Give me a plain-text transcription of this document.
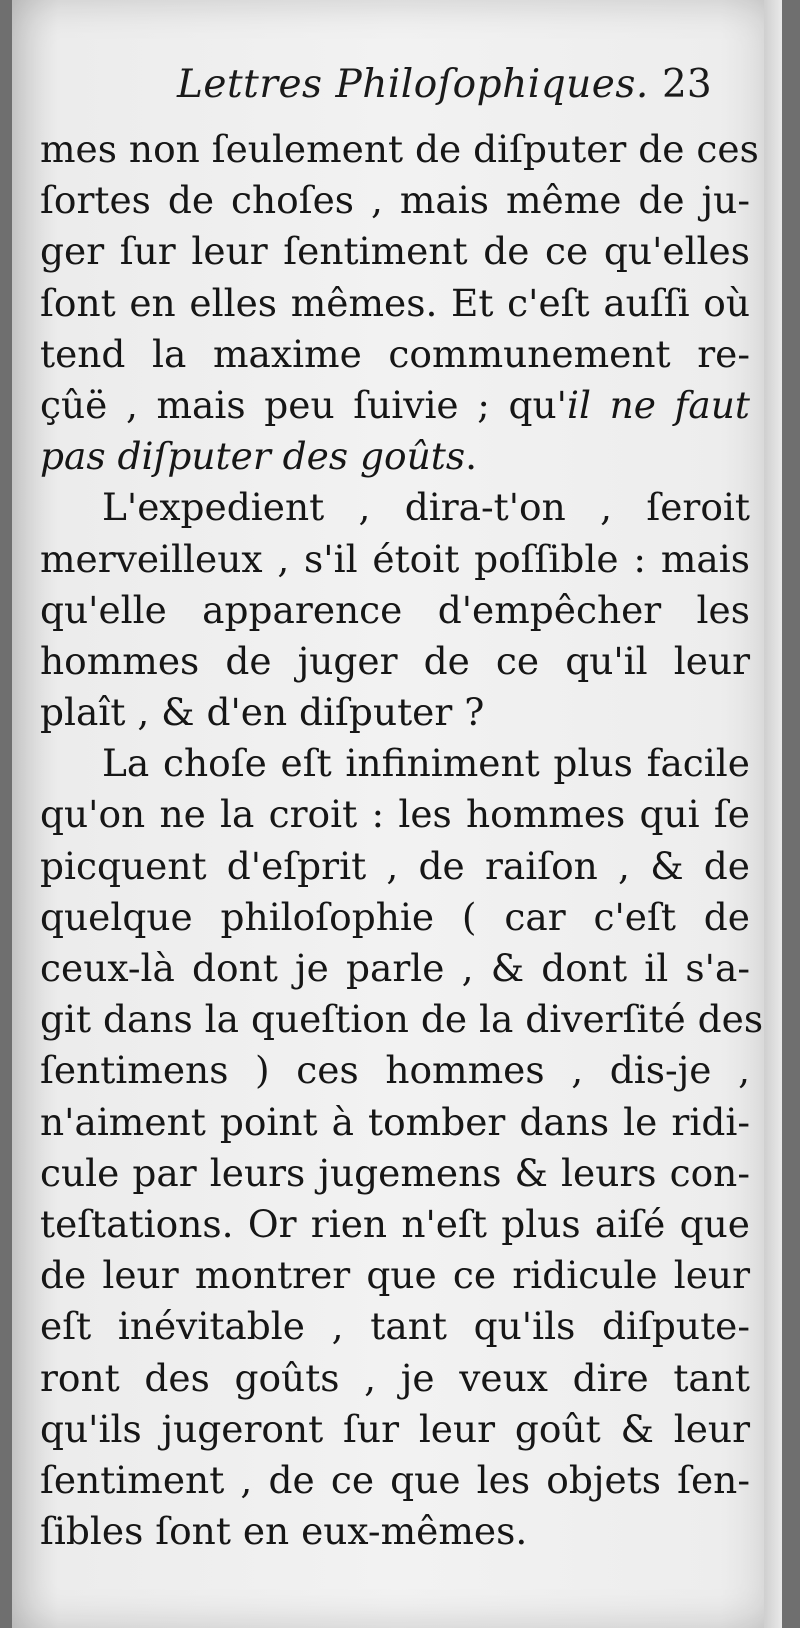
Lettres Philoſophiques. 23
mes non ſeulement de diſputer de ces
ſortes de choſes , mais même de ju-
ger ſur leur ſentiment de ce qu'elles
ſont en elles mêmes. Et c'eſt auſſi où
tend la maxime communement re-
çûë , mais peu ſuivie ; qu'il ne faut
pas diſputer des goûts.
L'expedient , dira-t'on , ſeroit
merveilleux , s'il étoit poſſible : mais
qu'elle apparence d'empêcher les
hommes de juger de ce qu'il leur
plaît , & d'en diſputer ?
La choſe eſt infiniment plus facile
qu'on ne la croit : les hommes qui ſe
picquent d'eſprit , de raiſon , & de
quelque philoſophie ( car c'eſt de
ceux-là dont je parle , & dont il s'a-
git dans la queſtion de la diverſité des
ſentimens ) ces hommes , dis-je ,
n'aiment point à tomber dans le ridi-
cule par leurs jugemens & leurs con-
teſtations. Or rien n'eſt plus aiſé que
de leur montrer que ce ridicule leur
eſt inévitable , tant qu'ils diſpute-
ront des goûts , je veux dire tant
qu'ils jugeront ſur leur goût & leur
ſentiment , de ce que les objets ſen-
ſibles ſont en eux-mêmes.
